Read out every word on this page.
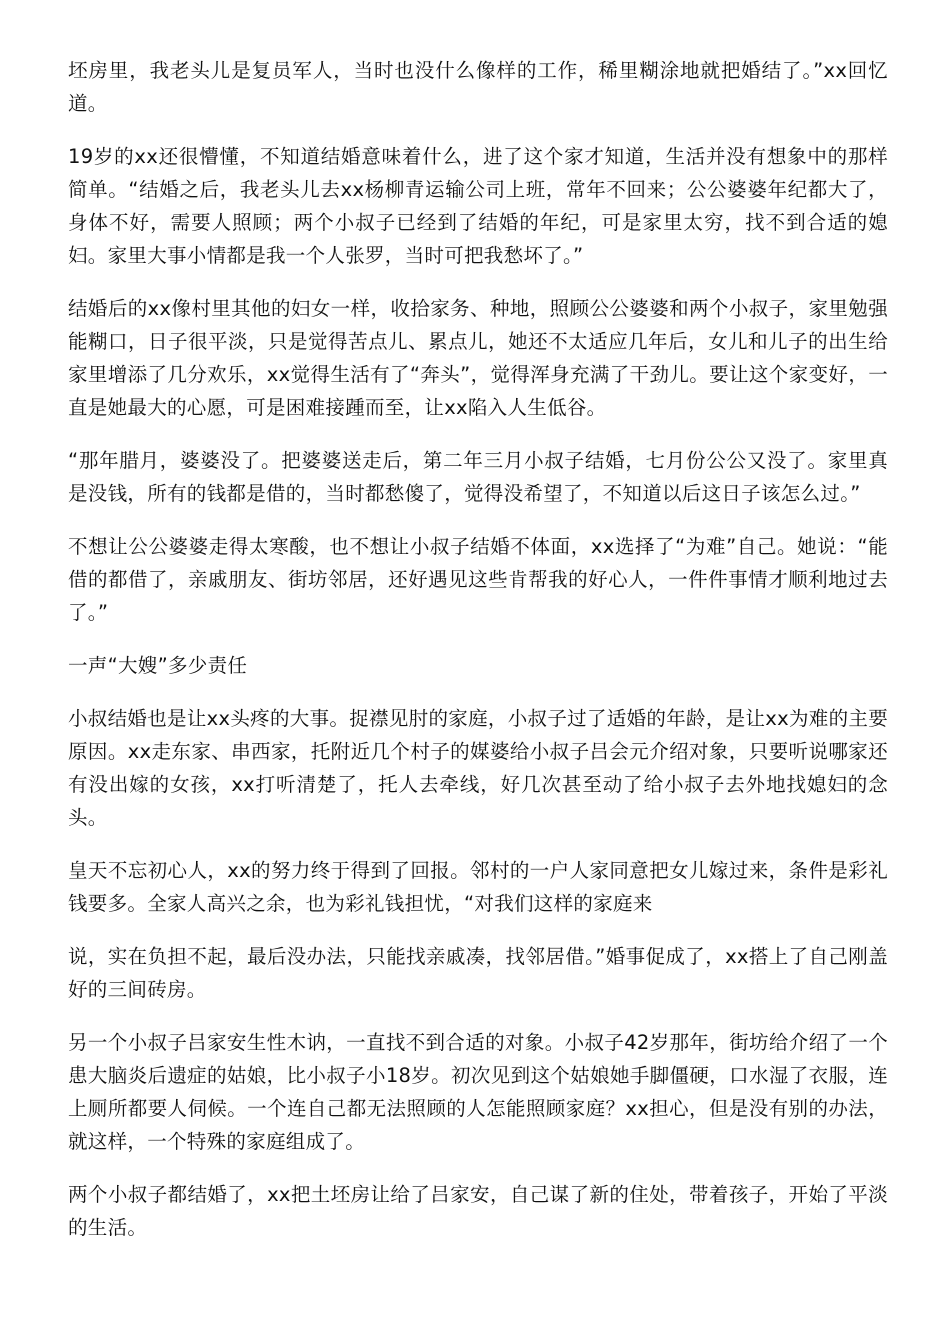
坯房里，我老头儿是复员军人，当时也没什么像样的工作，稀里糊涂地就把婚结了。”xx回忆道。

19岁的xx还很懵懂，不知道结婚意味着什么，进了这个家才知道，生活并没有想象中的那样简单。“结婚之后，我老头儿去xx杨柳青运输公司上班，常年不回来；公公婆婆年纪都大了，身体不好，需要人照顾；两个小叔子已经到了结婚的年纪，可是家里太穷，找不到合适的媳妇。家里大事小情都是我一个人张罗，当时可把我愁坏了。”

结婚后的xx像村里其他的妇女一样，收拾家务、种地，照顾公公婆婆和两个小叔子，家里勉强能糊口，日子很平淡，只是觉得苦点儿、累点儿，她还不太适应几年后，女儿和儿子的出生给家里增添了几分欢乐，xx觉得生活有了“奔头”，觉得浑身充满了干劲儿。要让这个家变好，一直是她最大的心愿，可是困难接踵而至，让xx陷入人生低谷。

“那年腊月，婆婆没了。把婆婆送走后，第二年三月小叔子结婚，七月份公公又没了。家里真是没钱，所有的钱都是借的，当时都愁傻了，觉得没希望了，不知道以后这日子该怎么过。”

不想让公公婆婆走得太寒酸，也不想让小叔子结婚不体面，xx选择了“为难”自己。她说：“能借的都借了，亲戚朋友、街坊邻居，还好遇见这些肯帮我的好心人，一件件事情才顺利地过去了。”

一声“大嫂”多少责任

小叔结婚也是让xx头疼的大事。捉襟见肘的家庭，小叔子过了适婚的年龄，是让xx为难的主要原因。xx走东家、串西家，托附近几个村子的媒婆给小叔子吕会元介绍对象，只要听说哪家还有没出嫁的女孩，xx打听清楚了，托人去牵线，好几次甚至动了给小叔子去外地找媳妇的念头。

皇天不忘初心人，xx的努力终于得到了回报。邻村的一户人家同意把女儿嫁过来，条件是彩礼钱要多。全家人高兴之余，也为彩礼钱担忧，“对我们这样的家庭来

说，实在负担不起，最后没办法，只能找亲戚凑，找邻居借。”婚事促成了，xx搭上了自己刚盖好的三间砖房。

另一个小叔子吕家安生性木讷，一直找不到合适的对象。小叔子42岁那年，街坊给介绍了一个患大脑炎后遗症的姑娘，比小叔子小18岁。初次见到这个姑娘她手脚僵硬，口水湿了衣服，连上厕所都要人伺候。一个连自己都无法照顾的人怎能照顾家庭？xx担心，但是没有别的办法，就这样，一个特殊的家庭组成了。

两个小叔子都结婚了，xx把土坯房让给了吕家安，自己谋了新的住处，带着孩子，开始了平淡的生活。
